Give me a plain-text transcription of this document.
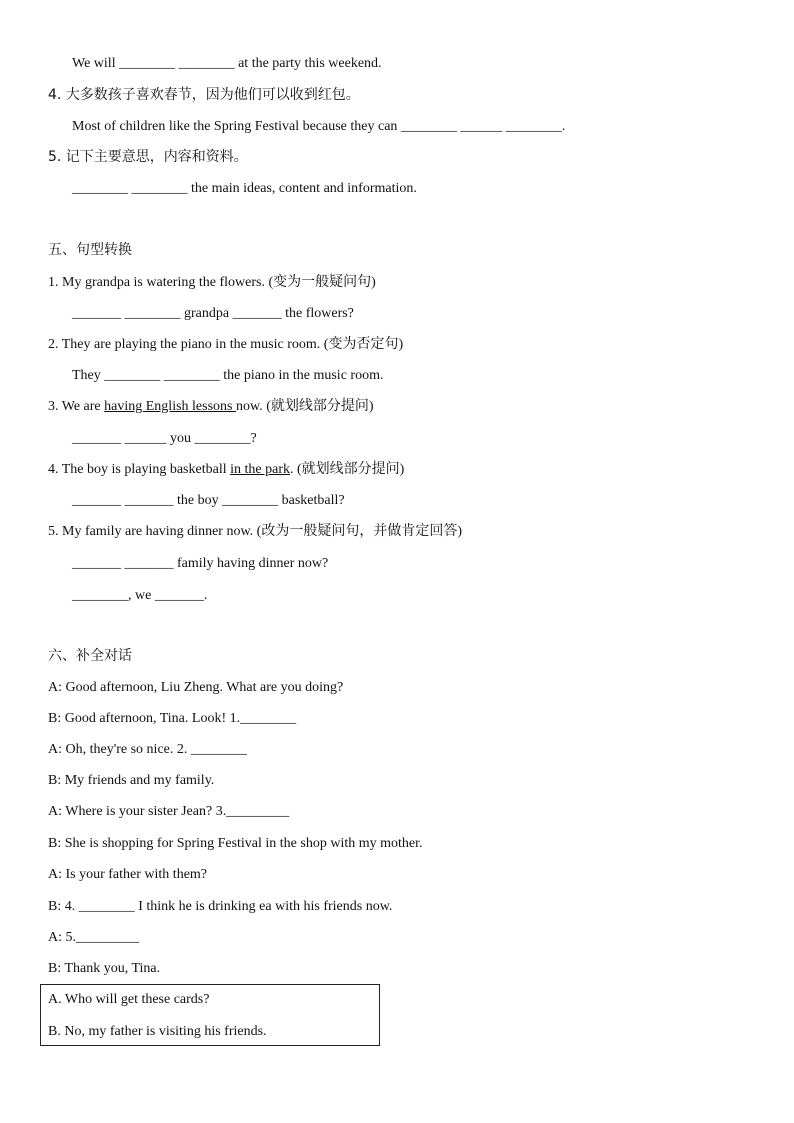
We will ________ ________ at the party this weekend.
4. 大多数孩子喜欢春节，因为他们可以收到红包。
Most of children like the Spring Festival because they can ________ ______ ________.
5. 记下主要意思，内容和资料。
________ ________ the main ideas, content and information.
五、句型转换
1. My grandpa is watering the flowers. (变为一般疑问句)
_______ ________ grandpa _______ the flowers?
2. They are playing the piano in the music room. (变为否定句)
They ________ ________ the piano in the music room.
3. We are having English lessons now. (就划线部分提问)
_______ ______ you ________?
4. The boy is playing basketball in the park. (就划线部分提问)
_______ _______ the boy ________ basketball?
5. My family are having dinner now. (改为一般疑问句，并做肯定回答)
_______ _______ family having dinner now?
________, we _______.
六、补全对话
A: Good afternoon, Liu Zheng. What are you doing?
B: Good afternoon, Tina. Look! 1.________
A: Oh, they're so nice. 2. ________
B: My friends and my family.
A: Where is your sister Jean? 3._________
B: She is shopping for Spring Festival in the shop with my mother.
A: Is your father with them?
B: 4. ________ I think he is drinking ea with his friends now.
A: 5._________
B: Thank you, Tina.
A. Who will get these cards?
B. No, my father is visiting his friends.
